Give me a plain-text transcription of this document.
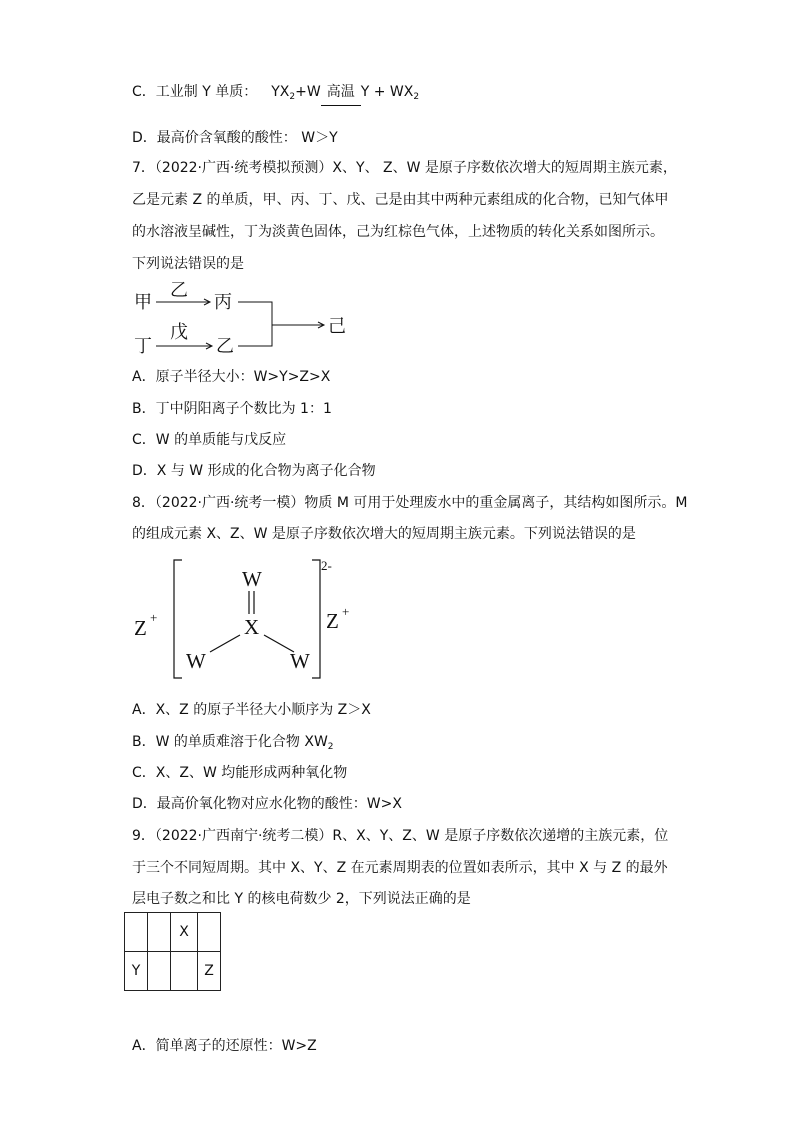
C．工业制 Y 单质： $YX_2+W$ 高温 $Y + WX_2$
D．最高价含氧酸的酸性： W＞Y
7．（2022·广西·统考模拟预测）X、Y、 Z、W 是原子序数依次增大的短周期主族元素，
乙是元素 Z 的单质，甲、丙、丁、戊、己是由其中两种元素组成的化合物，已知气体甲
的水溶液呈碱性，丁为淡黄色固体，己为红棕色气体，上述物质的转化关系如图所示。
下列说法错误的是
甲
乙
丙
丁
戊
乙
己
A．原子半径大小：W>Y>Z>X
B．丁中阴阳离子个数比为 1：1
C．W 的单质能与戊反应
D．X 与 W 形成的化合物为离子化合物
8．（2022·广西·统考一模）物质 M 可用于处理废水中的重金属离子，其结构如图所示。M
的组成元素 X、Z、W 是原子序数依次增大的短周期主族元素。下列说法错误的是
Z +
W
X
W	W
2-
Z +
A．X、Z 的原子半径大小顺序为 Z＞X
B．W 的单质难溶于化合物 $XW_2$
C．X、Z、W 均能形成两种氧化物
D．最高价氧化物对应水化物的酸性：W>X
9．（2022·广西南宁·统考二模）R、X、Y、Z、W 是原子序数依次递增的主族元素，位
于三个不同短周期。其中 X、Y、Z 在元素周期表的位置如表所示，其中 X 与 Z 的最外
层电子数之和比 Y 的核电荷数少 2，下列说法正确的是
		X	
Y			Z
A．简单离子的还原性：W>Z
